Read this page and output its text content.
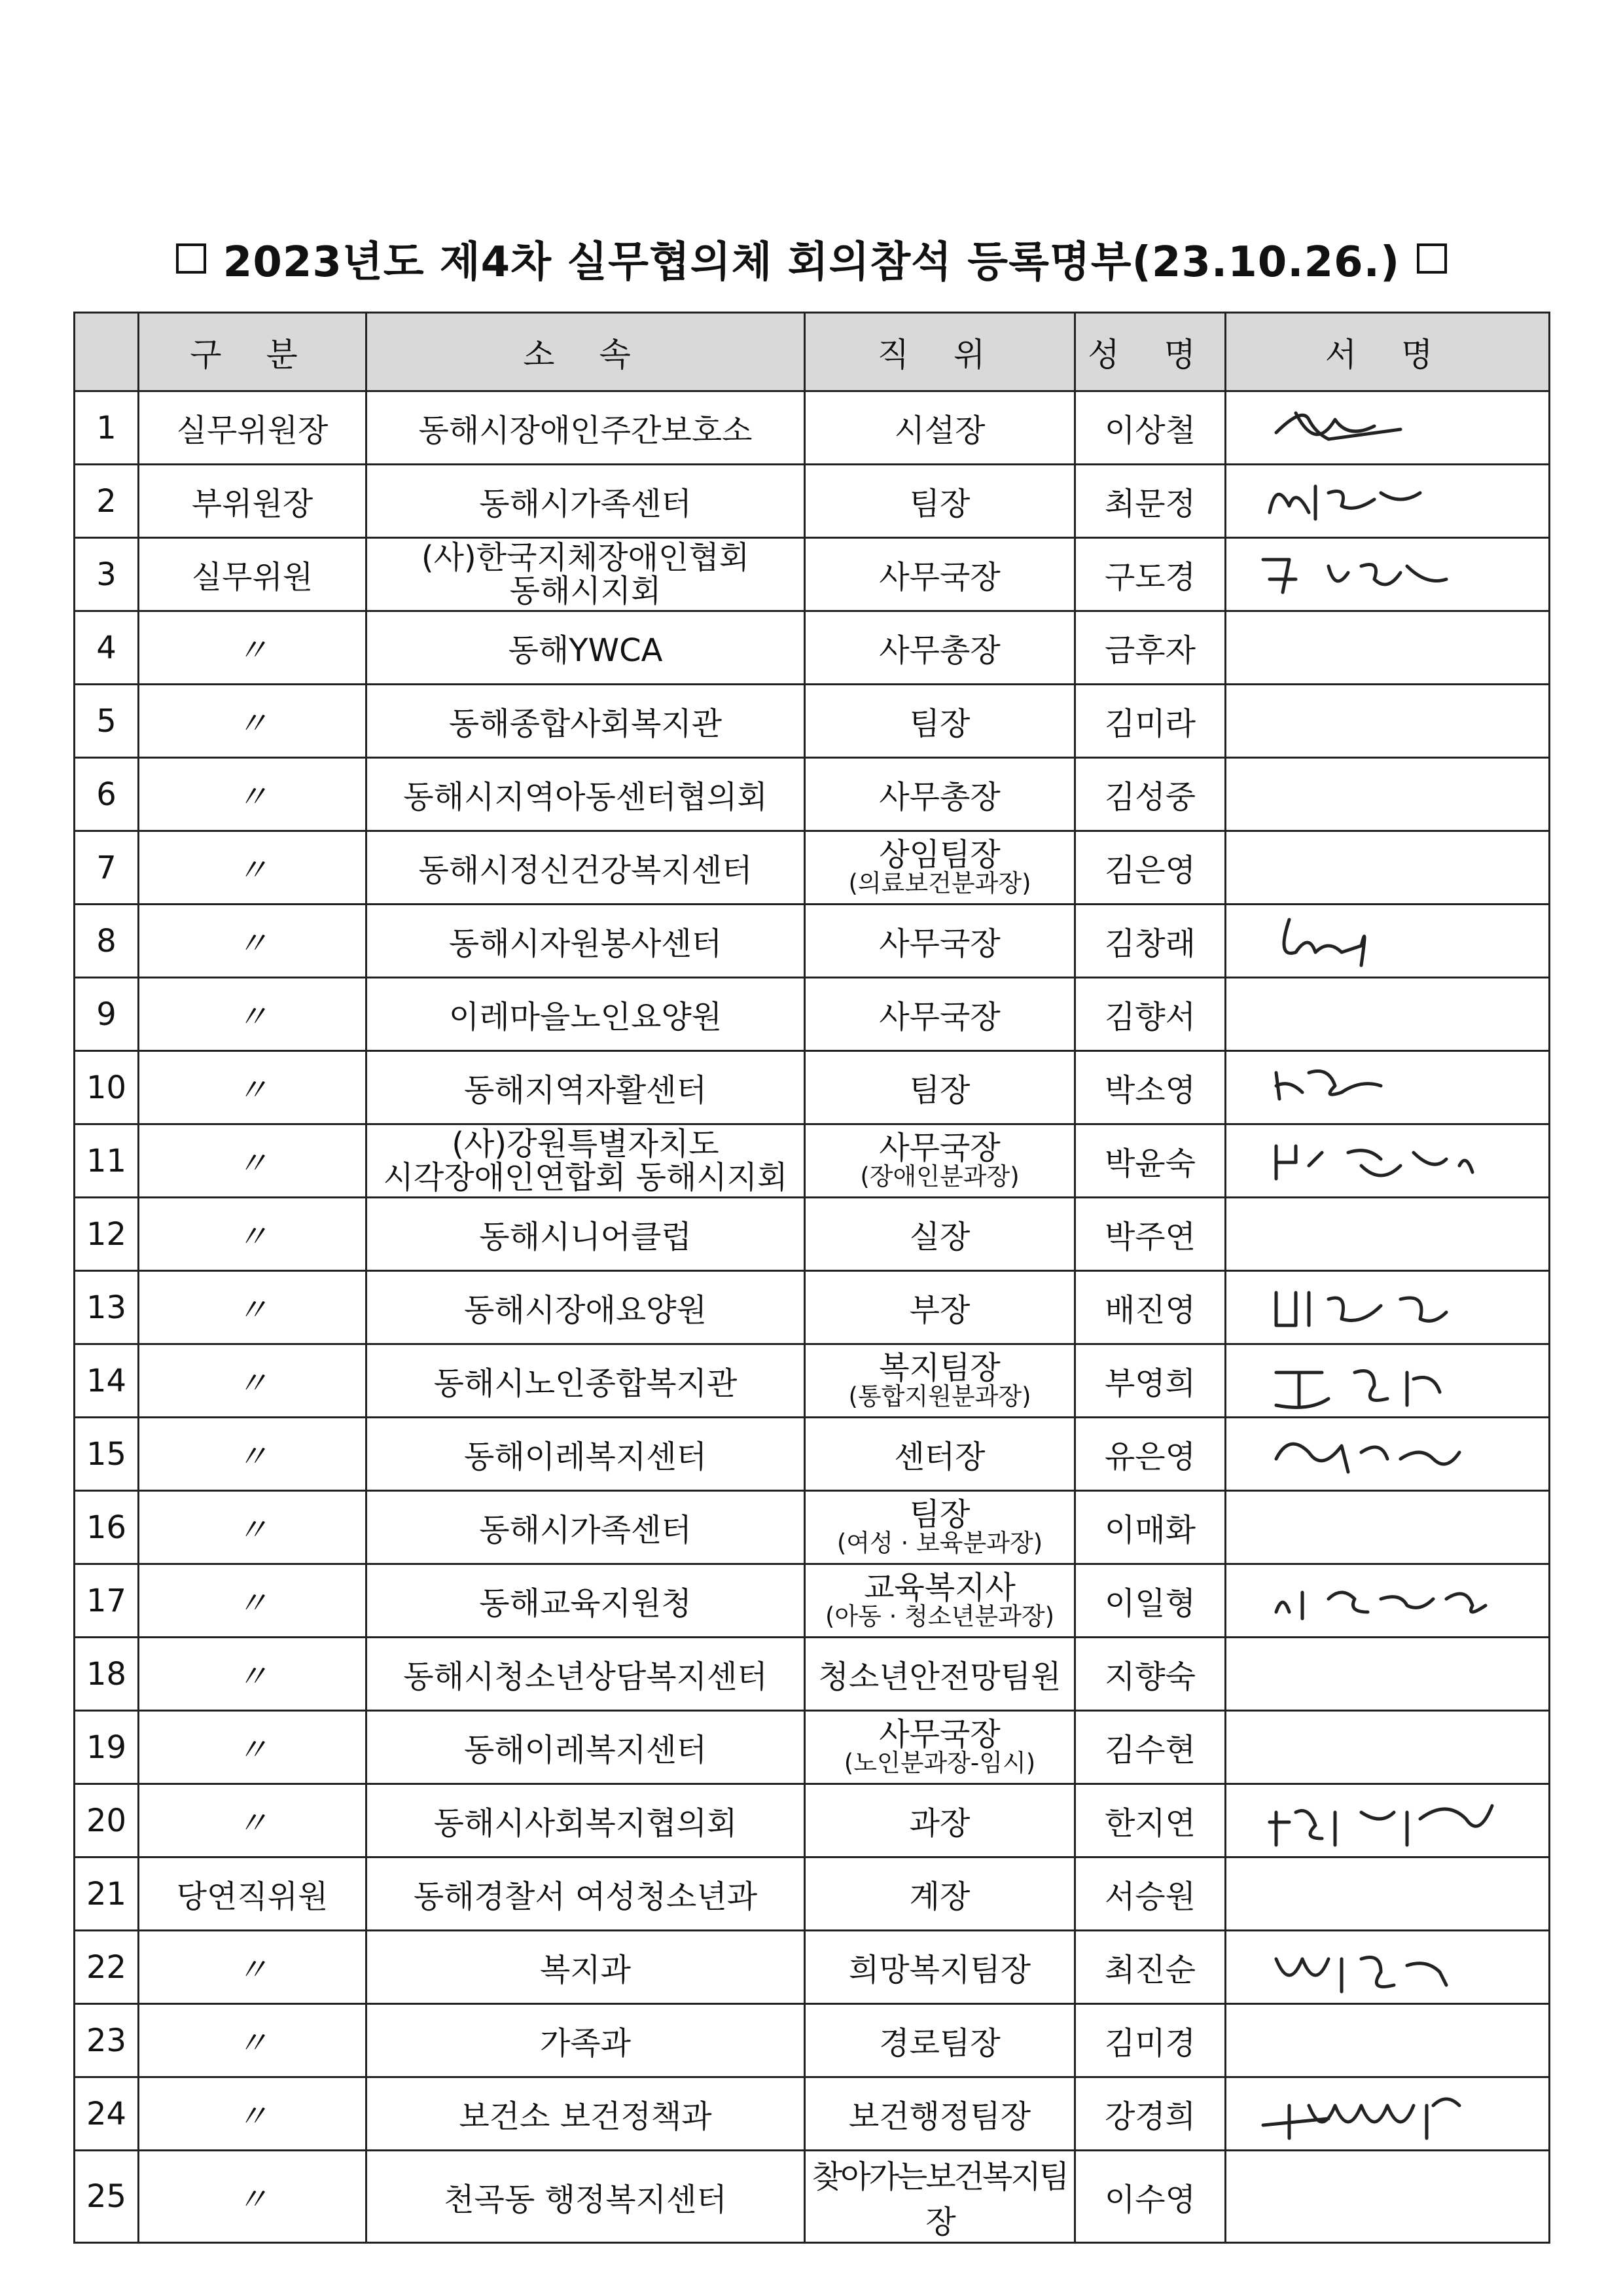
2023년도 제4차 실무협의체 회의참석 등록명부(23.10.26.)
	구 분	소 속	직 위	성 명	서 명
1	실무위원장	동해시장애인주간보호소	시설장	이상철	

2	부위원장	동해시가족센터	팀장	최문정	

3	실무위원	(사)한국지체장애인협회
동해시지회	사무국장	구도경	

4	〃	동해YWCA	사무총장	금후자	
5	〃	동해종합사회복지관	팀장	김미라	
6	〃	동해시지역아동센터협의회	사무총장	김성중	
7	〃	동해시정신건강복지센터	상임팀장
(의료보건분과장)	김은영	
8	〃	동해시자원봉사센터	사무국장	김창래	

9	〃	이레마을노인요양원	사무국장	김향서	
10	〃	동해지역자활센터	팀장	박소영	

11	〃	(사)강원특별자치도
시각장애인연합회 동해시지회	사무국장
(장애인분과장)	박윤숙	

12	〃	동해시니어클럽	실장	박주연	
13	〃	동해시장애요양원	부장	배진영	

14	〃	동해시노인종합복지관	복지팀장
(통합지원분과장)	부영희	

15	〃	동해이레복지센터	센터장	유은영	

16	〃	동해시가족센터	팀장
(여성 · 보육분과장)	이매화	
17	〃	동해교육지원청	교육복지사
(아동 · 청소년분과장)	이일형	

18	〃	동해시청소년상담복지센터	청소년안전망팀원	지향숙	
19	〃	동해이레복지센터	사무국장
(노인분과장-임시)	김수현	
20	〃	동해시사회복지협의회	과장	한지연	

21	당연직위원	동해경찰서 여성청소년과	계장	서승원	
22	〃	복지과	희망복지팀장	최진순	

23	〃	가족과	경로팀장	김미경	
24	〃	보건소 보건정책과	보건행정팀장	강경희	

25	〃	천곡동 행정복지센터	찾아가는보건복지팀장	이수영	
